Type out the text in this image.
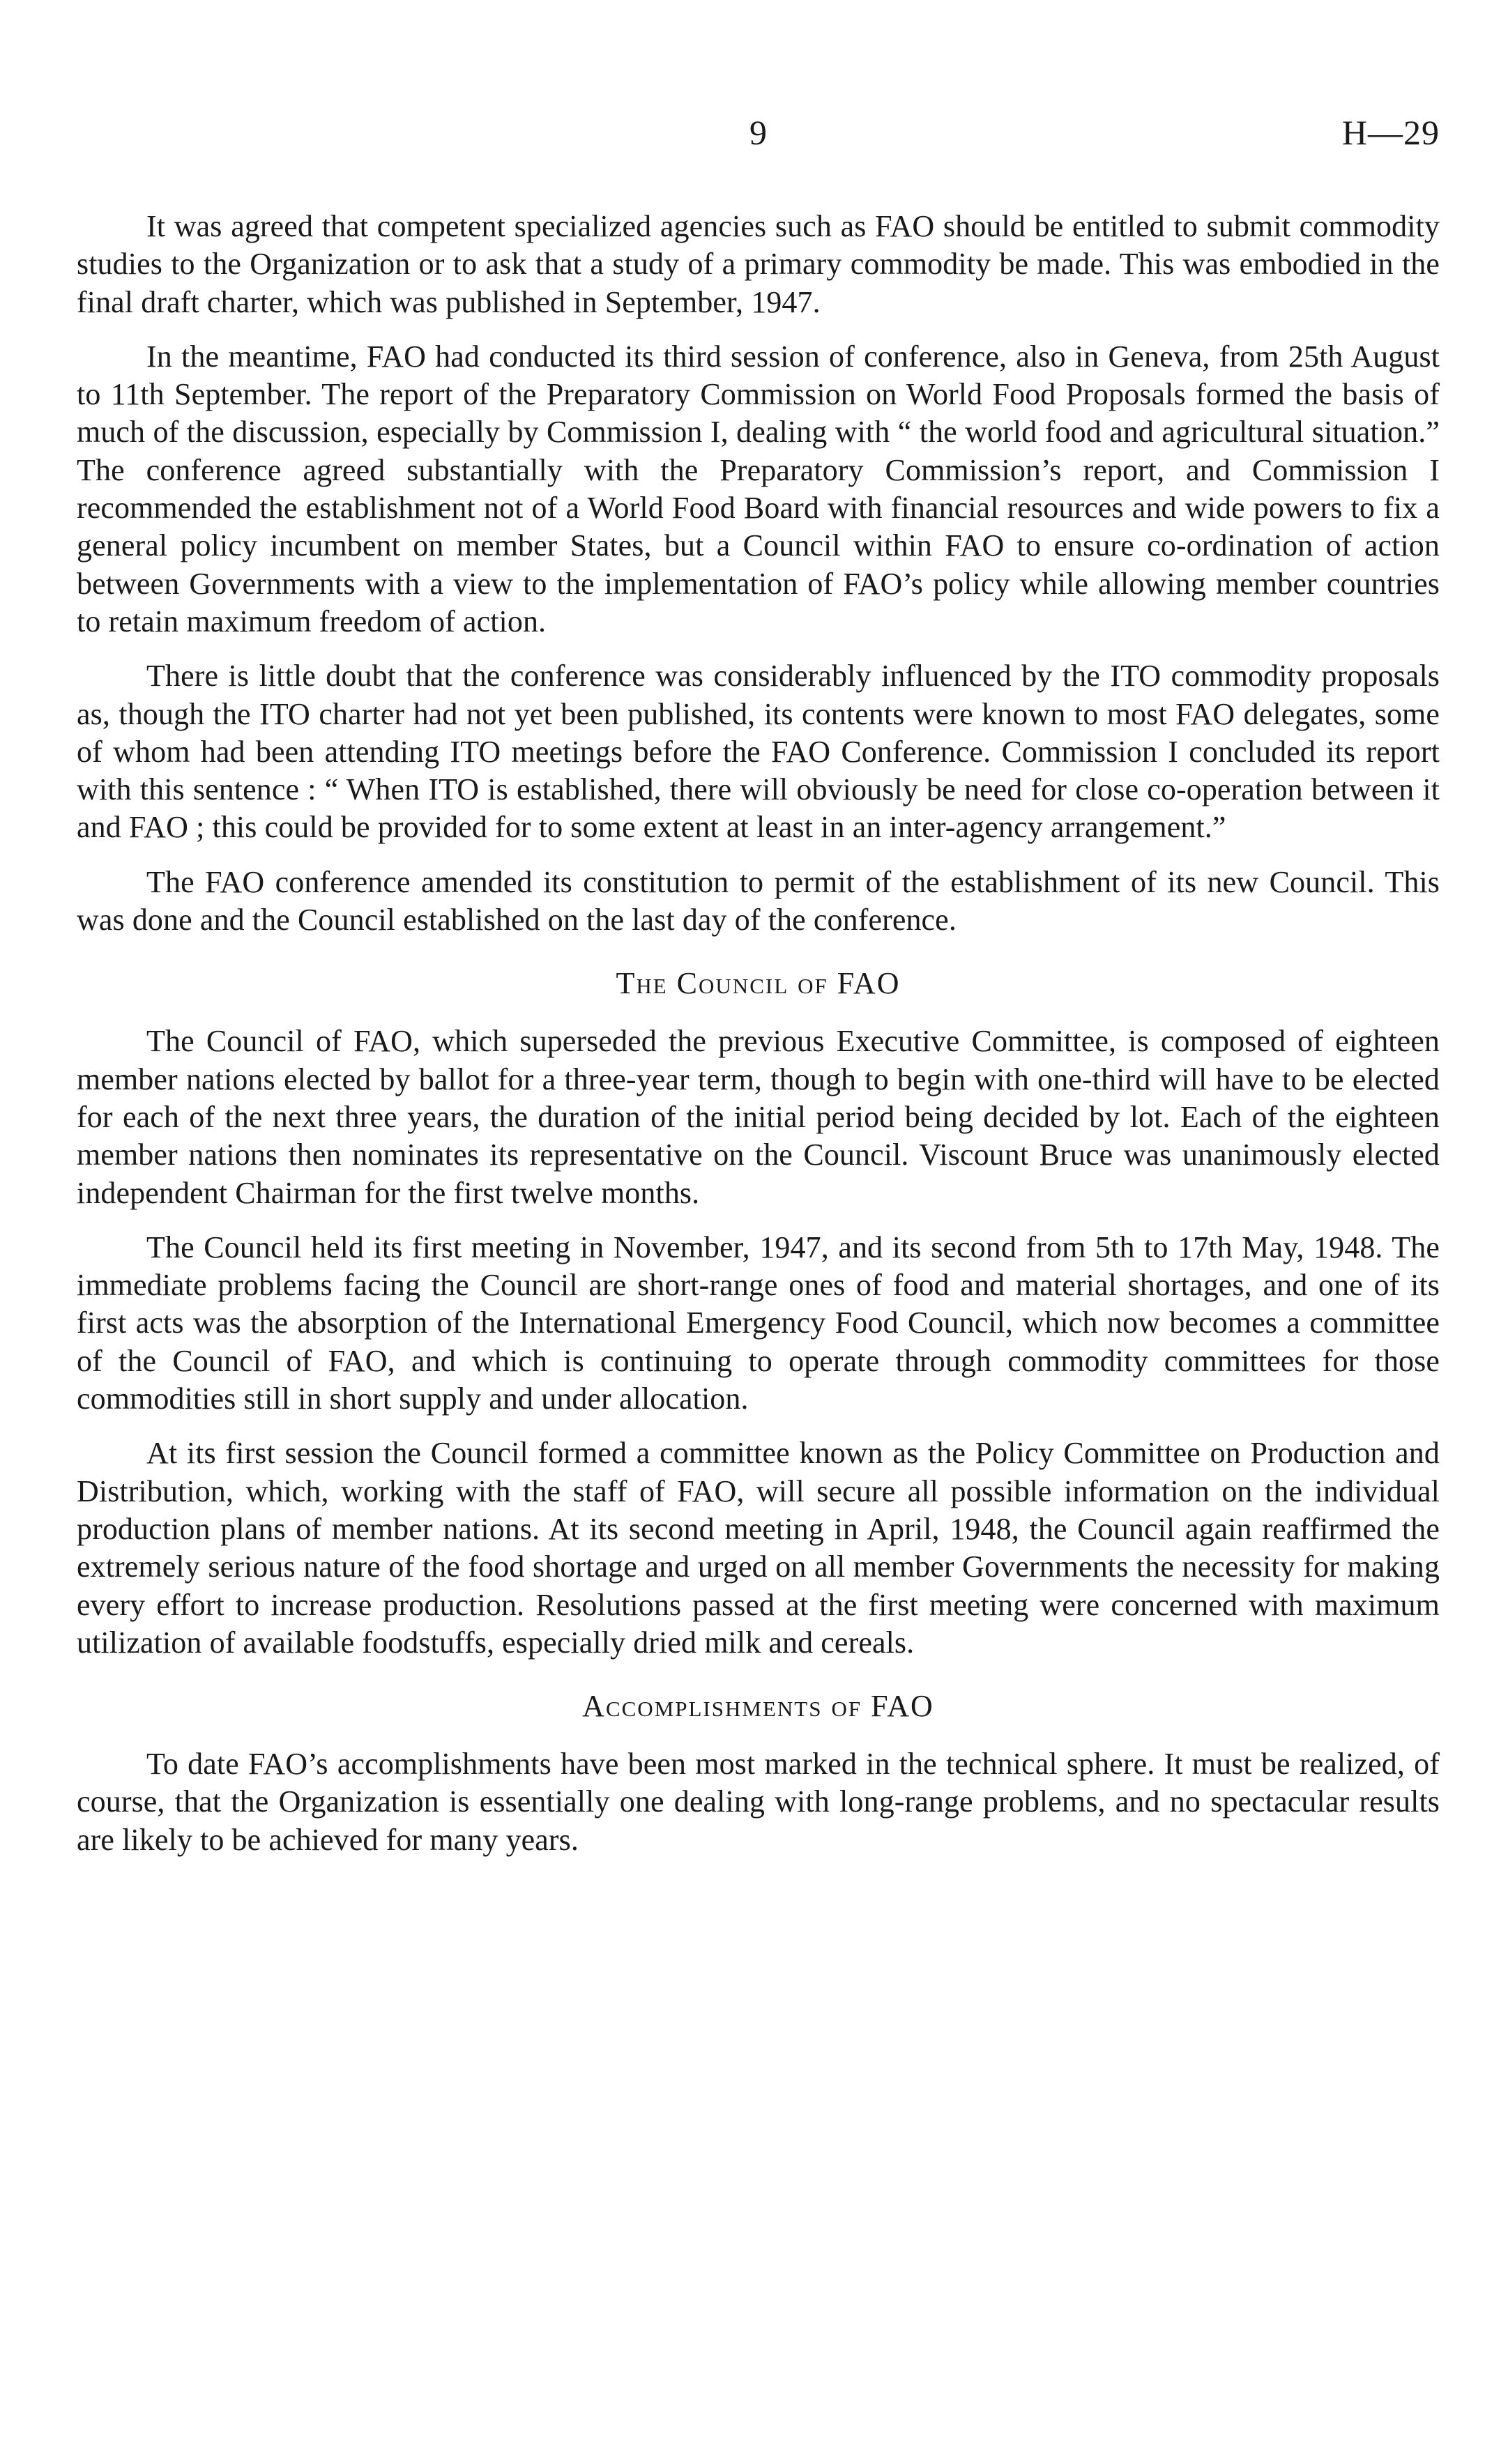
9	H—29

It was agreed that competent specialized agencies such as FAO should be entitled to submit commodity studies to the Organization or to ask that a study of a primary commodity be made. This was embodied in the final draft charter, which was published in September, 1947.

In the meantime, FAO had conducted its third session of conference, also in Geneva, from 25th August to 11th September. The report of the Preparatory Commission on World Food Proposals formed the basis of much of the discussion, especially by Commission I, dealing with “ the world food and agricultural situation.” The conference agreed substantially with the Preparatory Commission’s report, and Commission I recommended the establishment not of a World Food Board with financial resources and wide powers to fix a general policy incumbent on member States, but a Council within FAO to ensure co-ordination of action between Governments with a view to the implementation of FAO’s policy while allowing member countries to retain maximum freedom of action.

There is little doubt that the conference was considerably influenced by the ITO commodity proposals as, though the ITO charter had not yet been published, its contents were known to most FAO delegates, some of whom had been attending ITO meetings before the FAO Conference. Commission I concluded its report with this sentence : “ When ITO is established, there will obviously be need for close co-operation between it and FAO ; this could be provided for to some extent at least in an inter-agency arrangement.”

The FAO conference amended its constitution to permit of the establishment of its new Council. This was done and the Council established on the last day of the conference.

The Council of FAO

The Council of FAO, which superseded the previous Executive Committee, is composed of eighteen member nations elected by ballot for a three-year term, though to begin with one-third will have to be elected for each of the next three years, the duration of the initial period being decided by lot. Each of the eighteen member nations then nominates its representative on the Council. Viscount Bruce was unanimously elected independent Chairman for the first twelve months.

The Council held its first meeting in November, 1947, and its second from 5th to 17th May, 1948. The immediate problems facing the Council are short-range ones of food and material shortages, and one of its first acts was the absorption of the International Emergency Food Council, which now becomes a committee of the Council of FAO, and which is continuing to operate through commodity committees for those commodities still in short supply and under allocation.

At its first session the Council formed a committee known as the Policy Committee on Production and Distribution, which, working with the staff of FAO, will secure all possible information on the individual production plans of member nations. At its second meeting in April, 1948, the Council again reaffirmed the extremely serious nature of the food shortage and urged on all member Governments the necessity for making every effort to increase production. Resolutions passed at the first meeting were concerned with maximum utilization of available foodstuffs, especially dried milk and cereals.

Accomplishments of FAO

To date FAO’s accomplishments have been most marked in the technical sphere. It must be realized, of course, that the Organization is essentially one dealing with long-range problems, and no spectacular results are likely to be achieved for many years.
